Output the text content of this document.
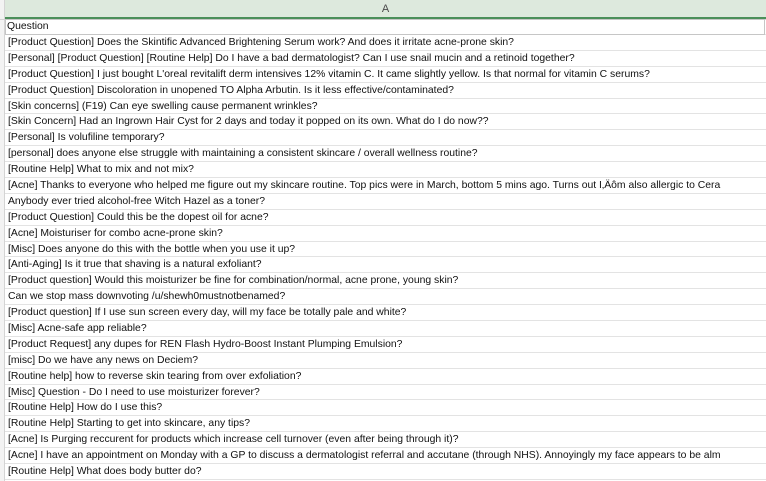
A
Question
[Product Question] Does the Skintific Advanced Brightening Serum work? And does it irritate acne-prone skin?
[Personal] [Product Question] [Routine Help] Do I have a bad dermatologist? Can I use snail mucin and a retinoid together?
[Product Question] I just bought L'oreal revitalift derm intensives 12% vitamin C. It came slightly yellow. Is that normal for vitamin C serums?
[Product Question] Discoloration in unopened TO Alpha Arbutin. Is it less effective/contaminated?
[Skin concerns] (F19) Can eye swelling cause permanent wrinkles?
[Skin Concern] Had an Ingrown Hair Cyst for 2 days and today it popped on its own. What do I do now??
[Personal] Is volufiline temporary?
[personal] does anyone else struggle with maintaining a consistent skincare / overall wellness routine?
[Routine Help] What to mix and not mix?
[Acne] Thanks to everyone who helped me figure out my skincare routine. Top pics were in March, bottom 5 mins ago. Turns out I‚Äôm also allergic to Cera
Anybody ever tried alcohol-free Witch Hazel as a toner?
[Product Question] Could this be the dopest oil for acne?
[Acne] Moisturiser for combo acne-prone skin?
[Misc] Does anyone do this with the bottle when you use it up?
[Anti-Aging] Is it true that shaving is a natural exfoliant?
[Product question] Would this moisturizer be fine for combination/normal, acne prone, young skin?
Can we stop mass downvoting /u/shewh0mustnotbenamed?
[Product question] If I use sun screen every day, will my face be totally pale and white?
[Misc] Acne-safe app reliable?
[Product Request] any dupes for REN Flash Hydro-Boost Instant Plumping Emulsion?
[misc] Do we have any news on Deciem?
[Routine help] how to reverse skin tearing from over exfoliation?
[Misc] Question - Do I need to use moisturizer forever?
[Routine Help] How do I use this?
[Routine Help] Starting to get into skincare, any tips?
[Acne] Is Purging reccurent for products which increase cell turnover (even after being through it)?
[Acne] I have an appointment on Monday with a GP to discuss a dermatologist referral and accutane (through NHS). Annoyingly my face appears to be alm
[Routine Help] What does body butter do?
